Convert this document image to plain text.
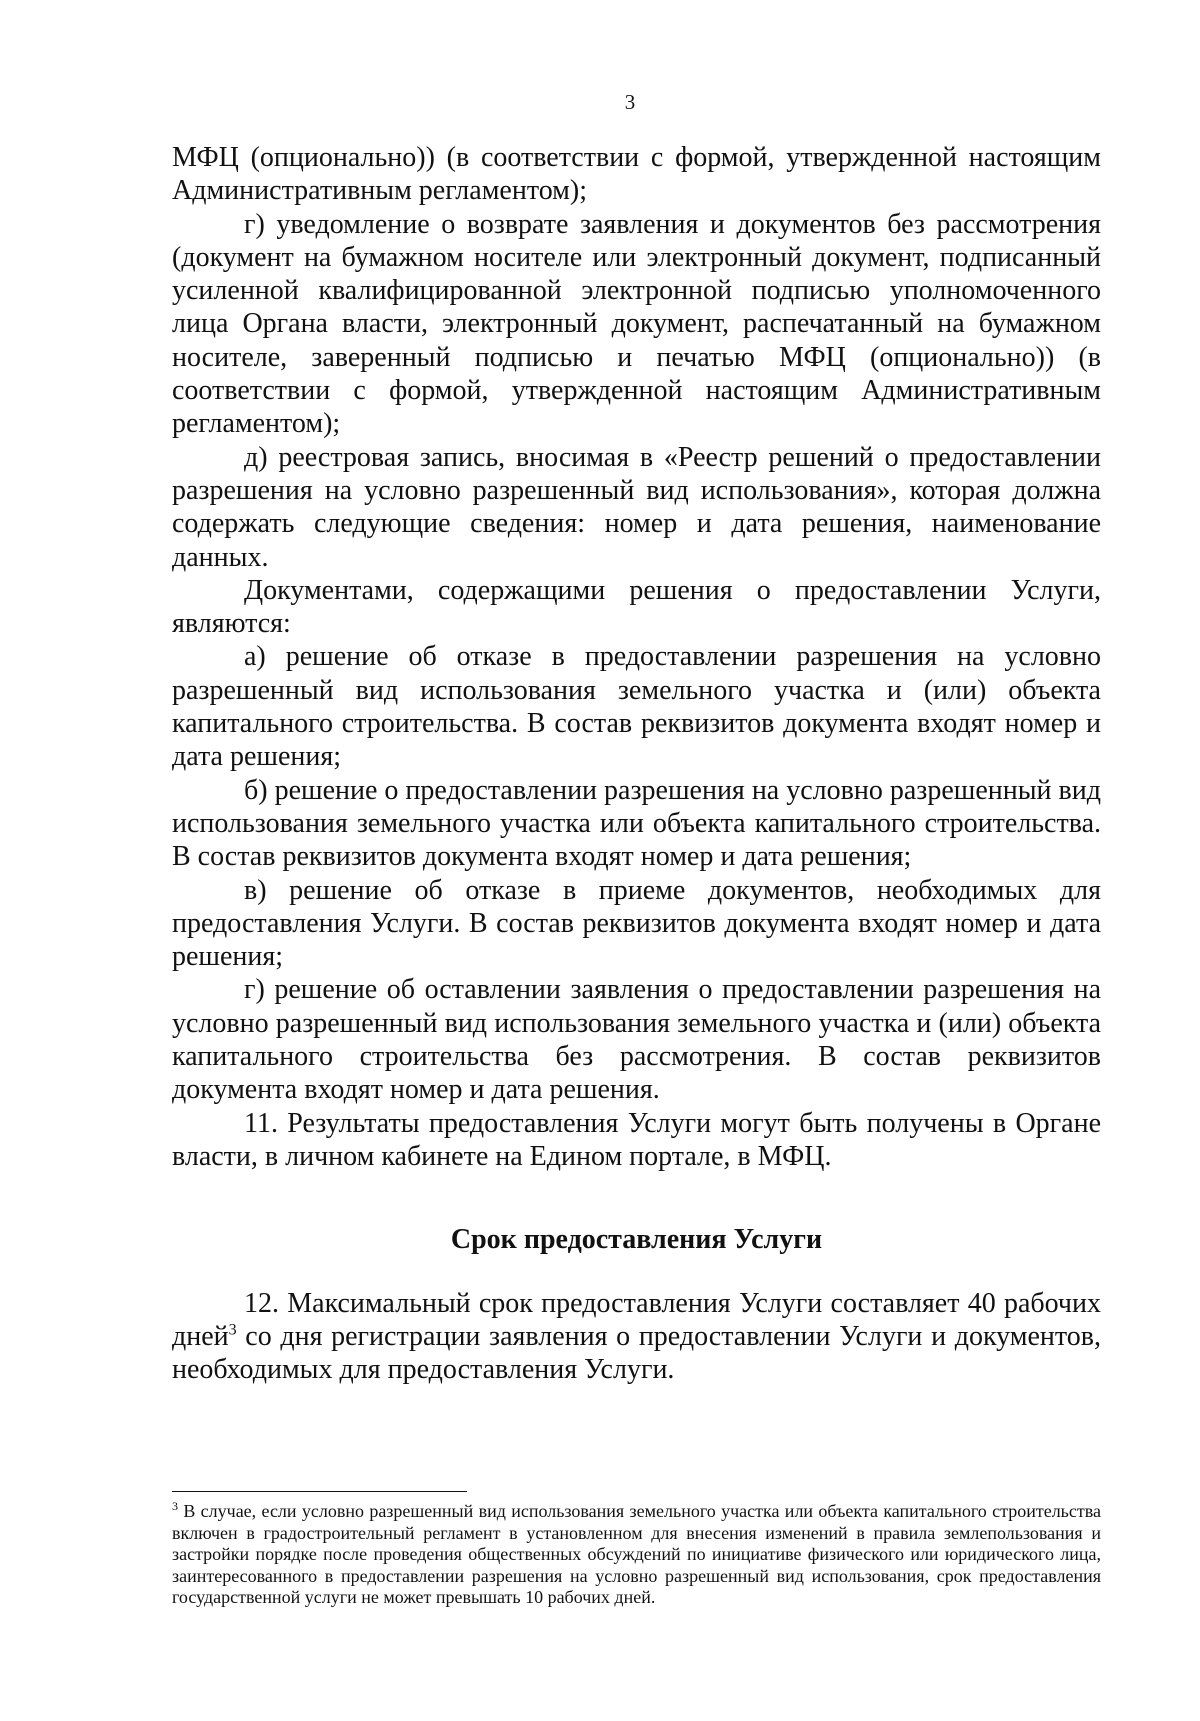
3

МФЦ (опционально)) (в соответствии с формой, утвержденной настоящим Административным регламентом);

г) уведомление о возврате заявления и документов без рассмотрения (документ на бумажном носителе или электронный документ, подписанный усиленной квалифицированной электронной подписью уполномоченного лица Органа власти, электронный документ, распечатанный на бумажном носителе, заверенный подписью и печатью МФЦ (опционально)) (в соответствии с формой, утвержденной настоящим Административным регламентом);

д) реестровая запись, вносимая в «Реестр решений о предоставлении разрешения на условно разрешенный вид использования», которая должна содержать следующие сведения: номер и дата решения, наименование данных.

Документами, содержащими решения о предоставлении Услуги, являются:

а) решение об отказе в предоставлении разрешения на условно разрешенный вид использования земельного участка и (или) объекта капитального строительства. В состав реквизитов документа входят номер и дата решения;

б) решение о предоставлении разрешения на условно разрешенный вид использования земельного участка или объекта капитального строительства. В состав реквизитов документа входят номер и дата решения;

в) решение об отказе в приеме документов, необходимых для предоставления Услуги. В состав реквизитов документа входят номер и дата решения;

г) решение об оставлении заявления о предоставлении разрешения на условно разрешенный вид использования земельного участка и (или) объекта капитального строительства без рассмотрения. В состав реквизитов документа входят номер и дата решения.

11. Результаты предоставления Услуги могут быть получены в Органе власти, в личном кабинете на Едином портале, в МФЦ.

Срок предоставления Услуги

12. Максимальный срок предоставления Услуги составляет 40 рабочих дней$^3$ со дня регистрации заявления о предоставлении Услуги и документов, необходимых для предоставления Услуги.

$^3$ В случае, если условно разрешенный вид использования земельного участка или объекта капитального строительства включен в градостроительный регламент в установленном для внесения изменений в правила землепользования и застройки порядке после проведения общественных обсуждений по инициативе физического или юридического лица, заинтересованного в предоставлении разрешения на условно разрешенный вид использования, срок предоставления государственной услуги не может превышать 10 рабочих дней.
